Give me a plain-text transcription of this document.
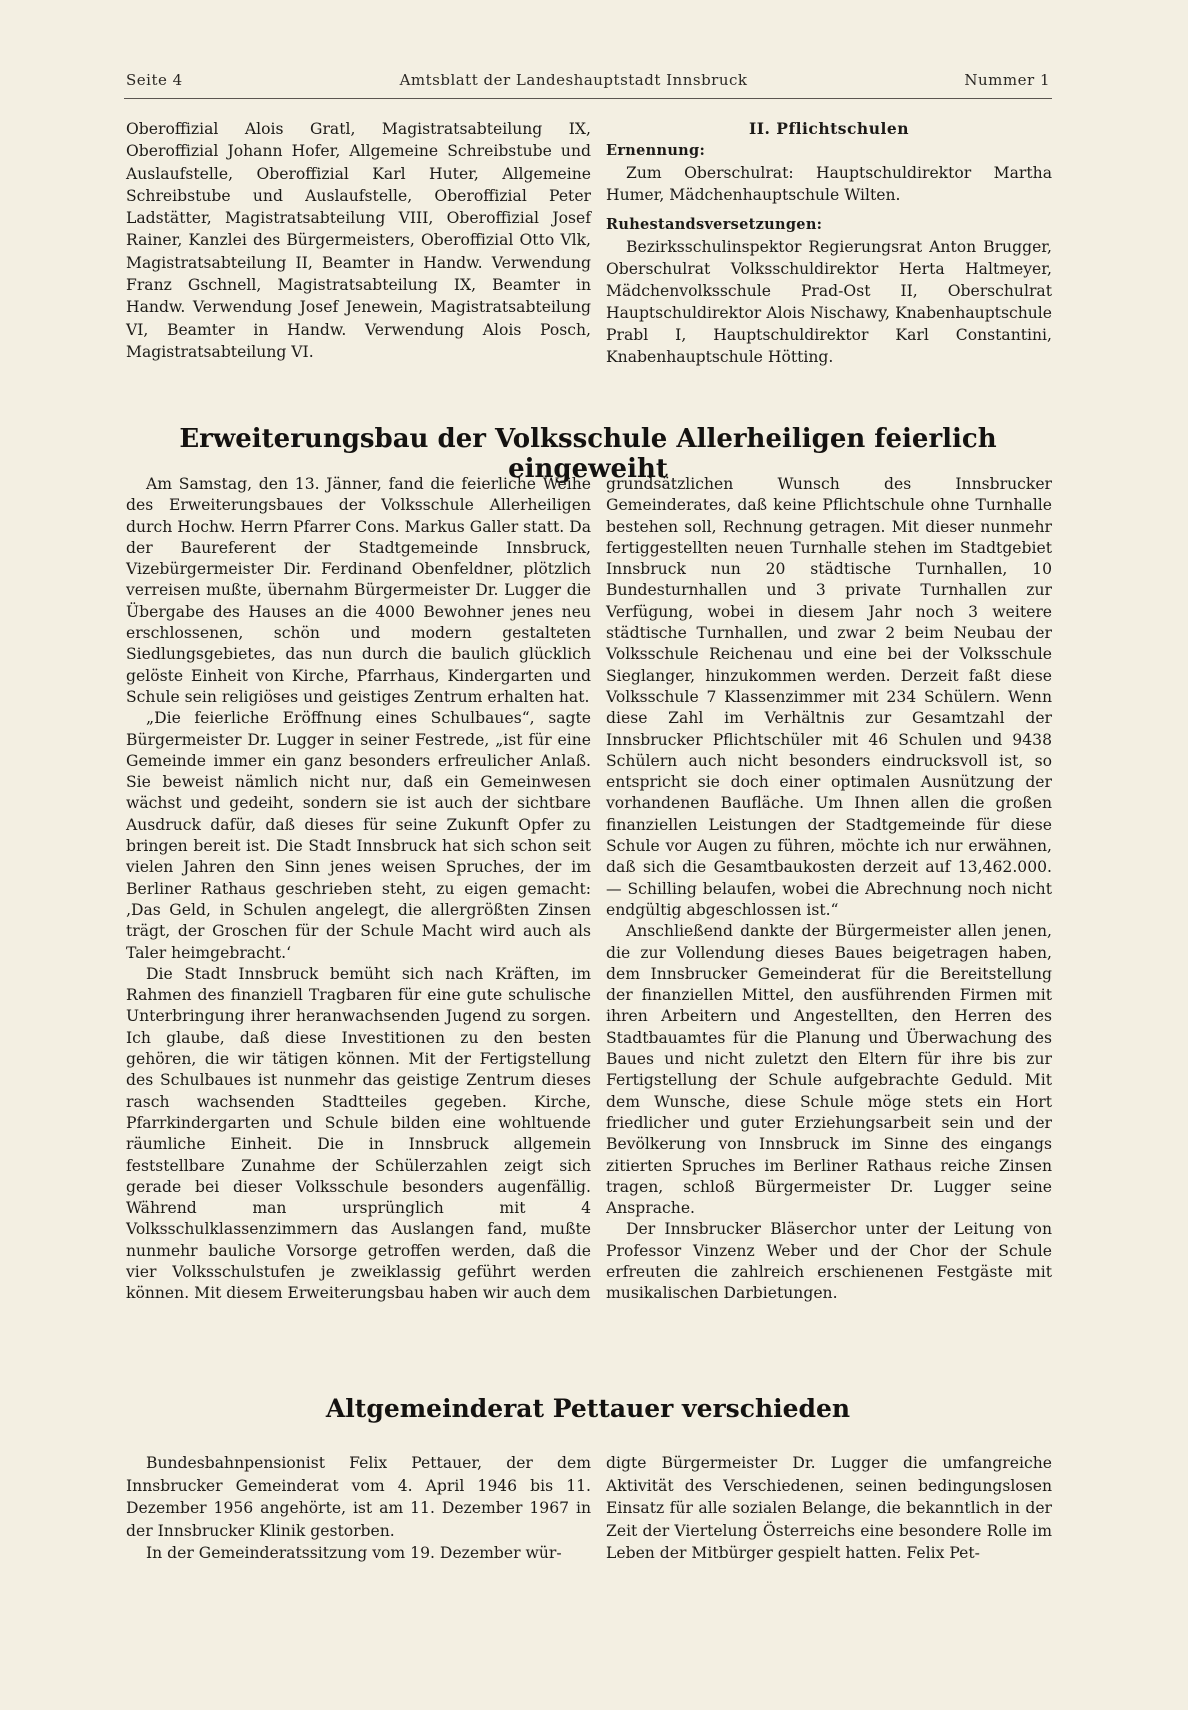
Seite 4	Amtsblatt der Landeshauptstadt Innsbruck	Nummer 1

Oberoffizial Alois Gratl, Magistratsabteilung IX, Oberoffizial Johann Hofer, Allgemeine Schreibstube und Auslaufstelle, Oberoffizial Karl Huter, Allgemeine Schreibstube und Auslaufstelle, Oberoffizial Peter Ladstätter, Magistratsabteilung VIII, Oberoffizial Josef Rainer, Kanzlei des Bürgermeisters, Oberoffizial Otto Vlk, Magistratsabteilung II, Beamter in Handw. Verwendung Franz Gschnell, Magistratsabteilung IX, Beamter in Handw. Verwendung Josef Jenewein, Magistratsabteilung VI, Beamter in Handw. Verwendung Alois Posch, Magistratsabteilung VI.

II. Pflichtschulen

Ernennung:

Zum Oberschulrat: Hauptschuldirektor Martha Humer, Mädchenhauptschule Wilten.

Ruhestandsversetzungen:

Bezirksschulinspektor Regierungsrat Anton Brugger, Oberschulrat Volksschuldirektor Herta Haltmeyer, Mädchenvolksschule Prad-Ost II, Oberschulrat Hauptschuldirektor Alois Nischawy, Knabenhauptschule Prabl I, Hauptschuldirektor Karl Constantini, Knabenhauptschule Hötting.

Erweiterungsbau der Volksschule Allerheiligen feierlich eingeweiht

Am Samstag, den 13. Jänner, fand die feierliche Weihe des Erweiterungsbaues der Volksschule Allerheiligen durch Hochw. Herrn Pfarrer Cons. Markus Galler statt. Da der Baureferent der Stadtgemeinde Innsbruck, Vizebürgermeister Dir. Ferdinand Obenfeldner, plötzlich verreisen mußte, übernahm Bürgermeister Dr. Lugger die Übergabe des Hauses an die 4000 Bewohner jenes neu erschlossenen, schön und modern gestalteten Siedlungsgebietes, das nun durch die baulich glücklich gelöste Einheit von Kirche, Pfarrhaus, Kindergarten und Schule sein religiöses und geistiges Zentrum erhalten hat.

„Die feierliche Eröffnung eines Schulbaues“, sagte Bürgermeister Dr. Lugger in seiner Festrede, „ist für eine Gemeinde immer ein ganz besonders erfreulicher Anlaß. Sie beweist nämlich nicht nur, daß ein Gemeinwesen wächst und gedeiht, sondern sie ist auch der sichtbare Ausdruck dafür, daß dieses für seine Zukunft Opfer zu bringen bereit ist. Die Stadt Innsbruck hat sich schon seit vielen Jahren den Sinn jenes weisen Spruches, der im Berliner Rathaus geschrieben steht, zu eigen gemacht: ‚Das Geld, in Schulen angelegt, die allergrößten Zinsen trägt, der Groschen für der Schule Macht wird auch als Taler heimgebracht.‘

Die Stadt Innsbruck bemüht sich nach Kräften, im Rahmen des finanziell Tragbaren für eine gute schulische Unterbringung ihrer heranwachsenden Jugend zu sorgen. Ich glaube, daß diese Investitionen zu den besten gehören, die wir tätigen können. Mit der Fertigstellung des Schulbaues ist nunmehr das geistige Zentrum dieses rasch wachsenden Stadtteiles gegeben. Kirche, Pfarrkindergarten und Schule bilden eine wohltuende räumliche Einheit. Die in Innsbruck allgemein feststellbare Zunahme der Schülerzahlen zeigt sich gerade bei dieser Volksschule besonders augenfällig. Während man ursprünglich mit 4 Volksschulklassenzimmern das Auslangen fand, mußte nunmehr bauliche Vorsorge getroffen werden, daß die vier Volksschulstufen je zweiklassig geführt werden können. Mit diesem Erweiterungsbau haben wir auch dem

grundsätzlichen Wunsch des Innsbrucker Gemeinderates, daß keine Pflichtschule ohne Turnhalle bestehen soll, Rechnung getragen. Mit dieser nunmehr fertiggestellten neuen Turnhalle stehen im Stadtgebiet Innsbruck nun 20 städtische Turnhallen, 10 Bundesturnhallen und 3 private Turnhallen zur Verfügung, wobei in diesem Jahr noch 3 weitere städtische Turnhallen, und zwar 2 beim Neubau der Volksschule Reichenau und eine bei der Volksschule Sieglanger, hinzukommen werden. Derzeit faßt diese Volksschule 7 Klassenzimmer mit 234 Schülern. Wenn diese Zahl im Verhältnis zur Gesamtzahl der Innsbrucker Pflichtschüler mit 46 Schulen und 9438 Schülern auch nicht besonders eindrucksvoll ist, so entspricht sie doch einer optimalen Ausnützung der vorhandenen Baufläche. Um Ihnen allen die großen finanziellen Leistungen der Stadtgemeinde für diese Schule vor Augen zu führen, möchte ich nur erwähnen, daß sich die Gesamtbaukosten derzeit auf 13,462.000.— Schilling belaufen, wobei die Abrechnung noch nicht endgültig abgeschlossen ist.“

Anschließend dankte der Bürgermeister allen jenen, die zur Vollendung dieses Baues beigetragen haben, dem Innsbrucker Gemeinderat für die Bereitstellung der finanziellen Mittel, den ausführenden Firmen mit ihren Arbeitern und Angestellten, den Herren des Stadtbauamtes für die Planung und Überwachung des Baues und nicht zuletzt den Eltern für ihre bis zur Fertigstellung der Schule aufgebrachte Geduld. Mit dem Wunsche, diese Schule möge stets ein Hort friedlicher und guter Erziehungsarbeit sein und der Bevölkerung von Innsbruck im Sinne des eingangs zitierten Spruches im Berliner Rathaus reiche Zinsen tragen, schloß Bürgermeister Dr. Lugger seine Ansprache.

Der Innsbrucker Bläserchor unter der Leitung von Professor Vinzenz Weber und der Chor der Schule erfreuten die zahlreich erschienenen Festgäste mit musikalischen Darbietungen.

Altgemeinderat Pettauer verschieden

Bundesbahnpensionist Felix Pettauer, der dem Innsbrucker Gemeinderat vom 4. April 1946 bis 11. Dezember 1956 angehörte, ist am 11. Dezember 1967 in der Innsbrucker Klinik gestorben.

In der Gemeinderatssitzung vom 19. Dezember wür-

digte Bürgermeister Dr. Lugger die umfangreiche Aktivität des Verschiedenen, seinen bedingungslosen Einsatz für alle sozialen Belange, die bekanntlich in der Zeit der Viertelung Österreichs eine besondere Rolle im Leben der Mitbürger gespielt hatten. Felix Pet-
